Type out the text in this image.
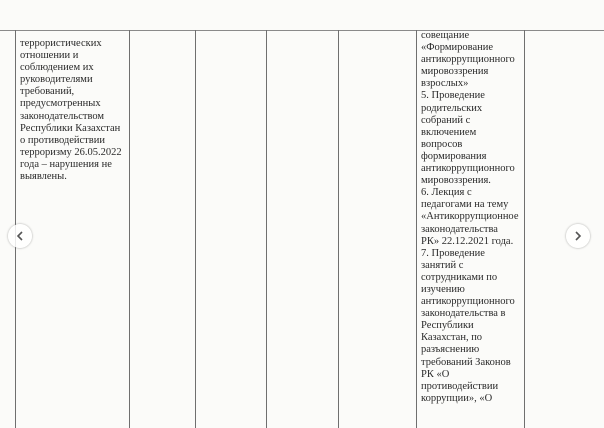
террористических
отношении и
соблюдением их
руководителями
требований,
предусмотренных
законодательством
Республики Казахстан
о противодействии
терроризму 26.05.2022
года – нарушения не
выявлены.
совещание
«Формирование
антикоррупционного
мировоззрения
взрослых»
5. Проведение
родительских
собраний с
включением
вопросов
формирования
антикоррупционного
мировоззрения.
6. Лекция с
педагогами на тему
«Антикоррупционное
законодательства
РК» 22.12.2021 года.
7. Проведение
занятий с
сотрудниками по
изучению
антикоррупционного
законодательства в
Республики
Казахстан, по
разъяснению
требований Законов
РК «О
противодействии
коррупции», «О
